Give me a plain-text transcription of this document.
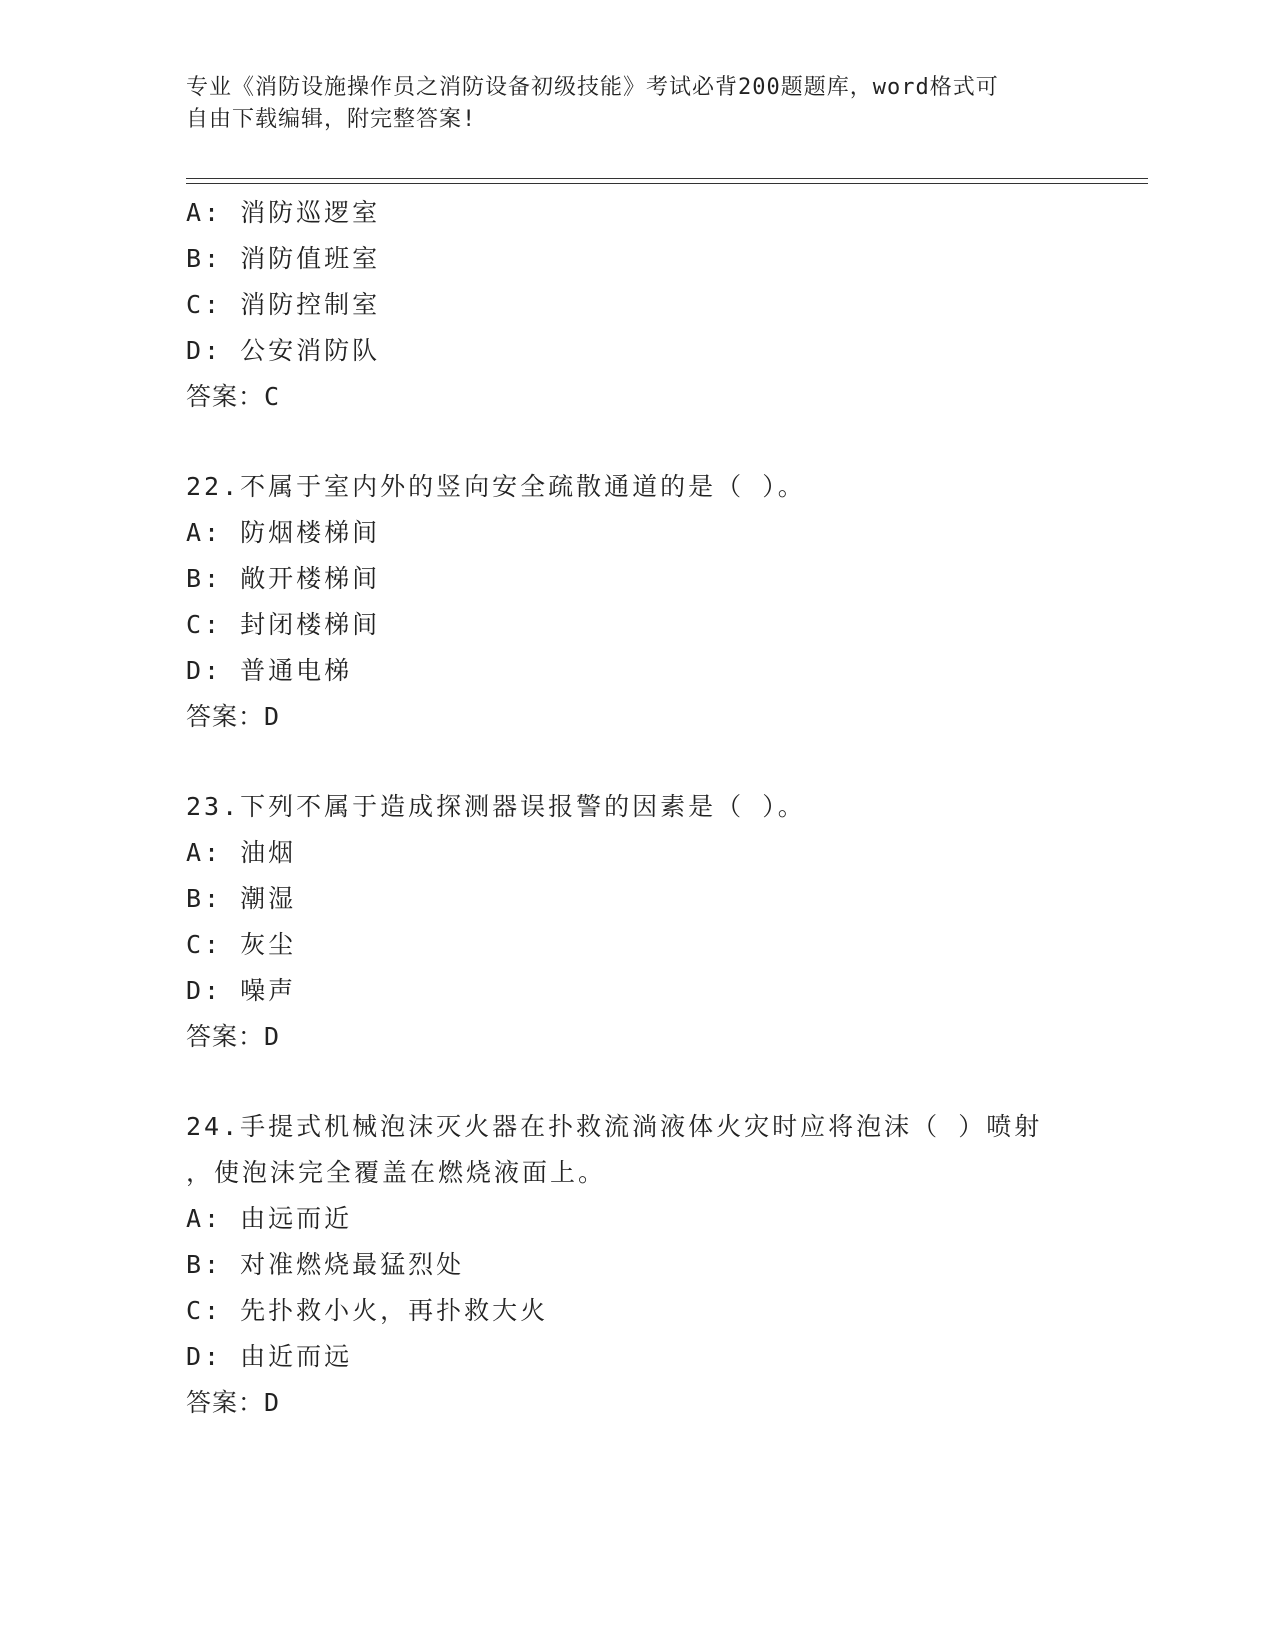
专业《消防设施操作员之消防设备初级技能》考试必背200题题库，word格式可
自由下载编辑，附完整答案!
A: 消防巡逻室
B: 消防值班室
C: 消防控制室
D: 公安消防队
答案：C
22.不属于室内外的竖向安全疏散通道的是（ ）。
A: 防烟楼梯间
B: 敞开楼梯间
C: 封闭楼梯间
D: 普通电梯
答案：D
23.下列不属于造成探测器误报警的因素是（ ）。
A: 油烟
B: 潮湿
C: 灰尘
D: 噪声
答案：D
24.手提式机械泡沫灭火器在扑救流淌液体火灾时应将泡沫（ ）喷射
，使泡沫完全覆盖在燃烧液面上。
A: 由远而近
B: 对准燃烧最猛烈处
C: 先扑救小火，再扑救大火
D: 由近而远
答案：D
